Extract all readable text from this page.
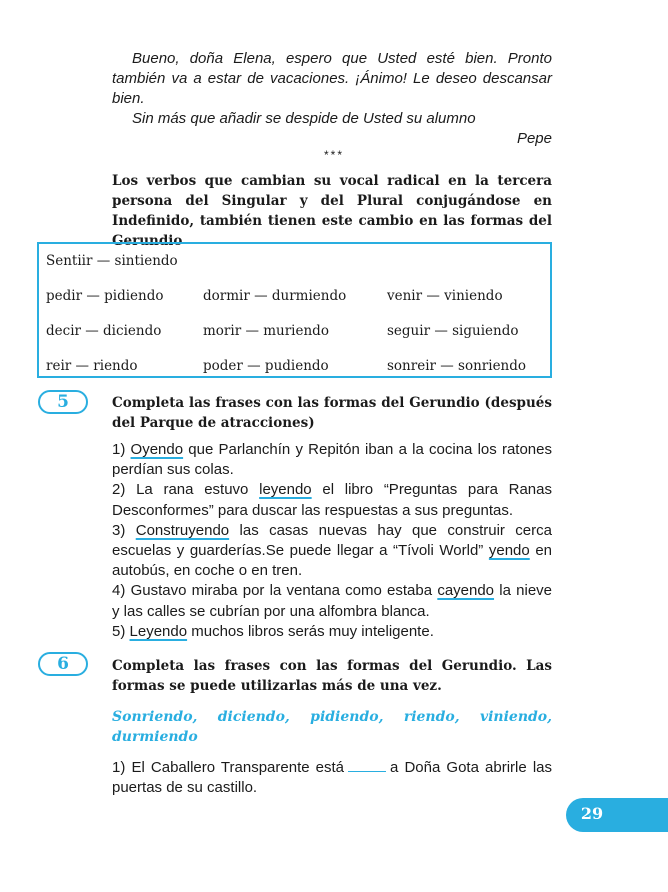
Bueno, doña Elena, espero que Usted esté bien. Pronto también va a estar de vacaciones. ¡Ánimo! Le deseo descansar bien.

Sin más que añadir se despide de Usted su alumno

Pepe

***
Los verbos que cambian su vocal radical en la tercera persona del Singular y del Plural conjugándose en Indefinido, también tienen este cambio en las formas del Gerundio
Sentiir — sintiendo
pedir — pidiendo	dormir — durmiendo	venir — viniendo
decir — diciendo	morir — muriendo	seguir — siguiendo
reir — riendo	poder — pudiendo	sonreir — sonriendo
5	Completa las frases con las formas del Gerundio (después del Parque de atracciones)

1) Oyendo que Parlanchín y Repitón iban a la cocina los ratones perdían sus colas.

2) La rana estuvo leyendo el libro “Preguntas para Ranas Desconformes” para duscar las respuestas a sus preguntas.

3) Construyendo las casas nuevas hay que construir cerca escuelas y guarderías.Se puede llegar a “Tívoli World” yendo en autobús, en coche o en tren.

4) Gustavo miraba por la ventana como estaba cayendo la nieve y las calles se cubrían por una alfombra blanca.

5) Leyendo muchos libros serás muy inteligente.

6	Completa las frases con las formas del Gerundio. Las formas se puede utilizarlas más de una vez.
Sonriendo, diciendo, pidiendo, riendo, viniendo, durmiendo

1) El Caballero Transparente está	a Doña Gota abrirle las puertas de su castillo.

29
